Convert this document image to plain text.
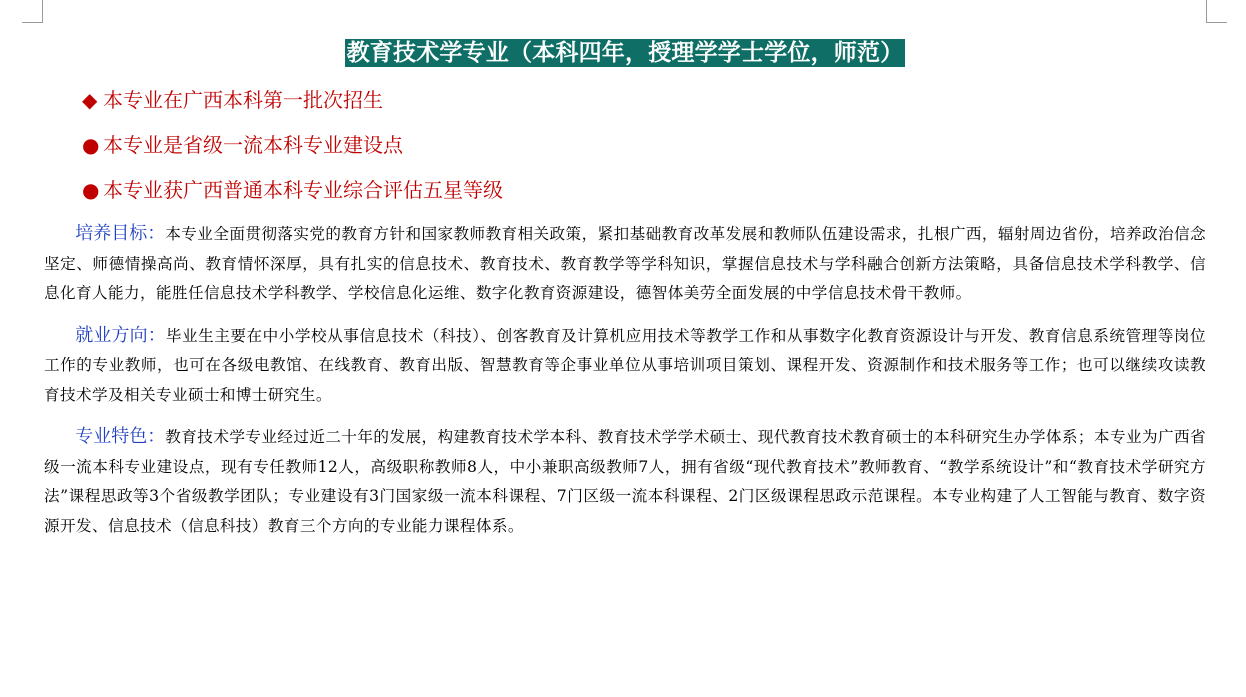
教育技术学专业（本科四年，授理学学士学位，师范）
◆ 本专业在广西本科第一批次招生
● 本专业是省级一流本科专业建设点
● 本专业获广西普通本科专业综合评估五星等级

培养目标：本专业全面贯彻落实党的教育方针和国家教师教育相关政策，紧扣基础教育改革发展和教师队伍建设需求，扎根广西，辐射周边省份，培养政治信念坚定、师德情操高尚、教育情怀深厚，具有扎实的信息技术、教育技术、教育教学等学科知识，掌握信息技术与学科融合创新方法策略，具备信息技术学科教学、信息化育人能力，能胜任信息技术学科教学、学校信息化运维、数字化教育资源建设，德智体美劳全面发展的中学信息技术骨干教师。

就业方向：毕业生主要在中小学校从事信息技术（科技）、创客教育及计算机应用技术等教学工作和从事数字化教育资源设计与开发、教育信息系统管理等岗位工作的专业教师，也可在各级电教馆、在线教育、教育出版、智慧教育等企事业单位从事培训项目策划、课程开发、资源制作和技术服务等工作；也可以继续攻读教育技术学及相关专业硕士和博士研究生。

专业特色：教育技术学专业经过近二十年的发展，构建教育技术学本科、教育技术学学术硕士、现代教育技术教育硕士的本科研究生办学体系；本专业为广西省级一流本科专业建设点，现有专任教师12人，高级职称教师8人，中小兼职高级教师7人，拥有省级“现代教育技术”教师教育、“教学系统设计”和“教育技术学研究方法”课程思政等3个省级教学团队；专业建设有3门国家级一流本科课程、7门区级一流本科课程、2门区级课程思政示范课程。本专业构建了人工智能与教育、数字资源开发、信息技术（信息科技）教育三个方向的专业能力课程体系。
